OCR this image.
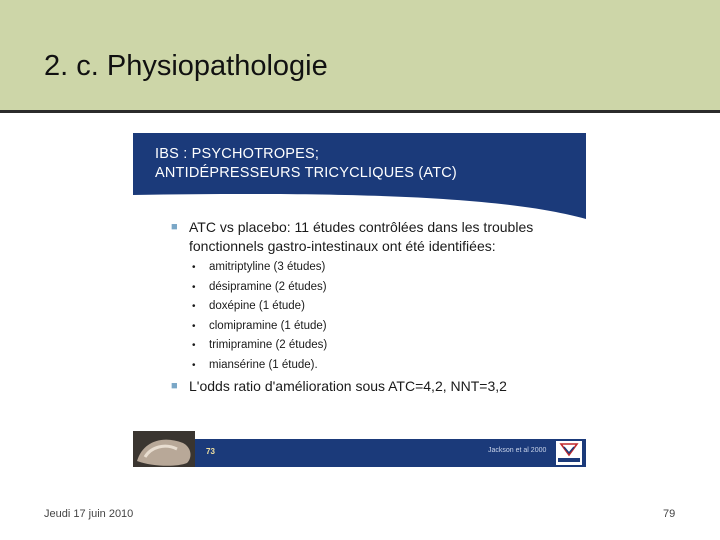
2. c. Physiopathologie
IBS : PSYCHOTROPES;
ANTIDÉPRESSEURS TRICYCLIQUES (ATC)
■ ATC vs placebo: 11 études contrôlées dans les troubles fonctionnels gastro-intestinaux ont été identifiées:
• amitriptyline (3 études)
• désipramine (2 études)
• doxépine (1 étude)
• clomipramine (1 étude)
• trimipramine (2 études)
• miansérine (1 étude).
■ L'odds ratio d'amélioration sous ATC=4,2, NNT=3,2
73	Jackson et al 2000
Jeudi 17 juin 2010	79
